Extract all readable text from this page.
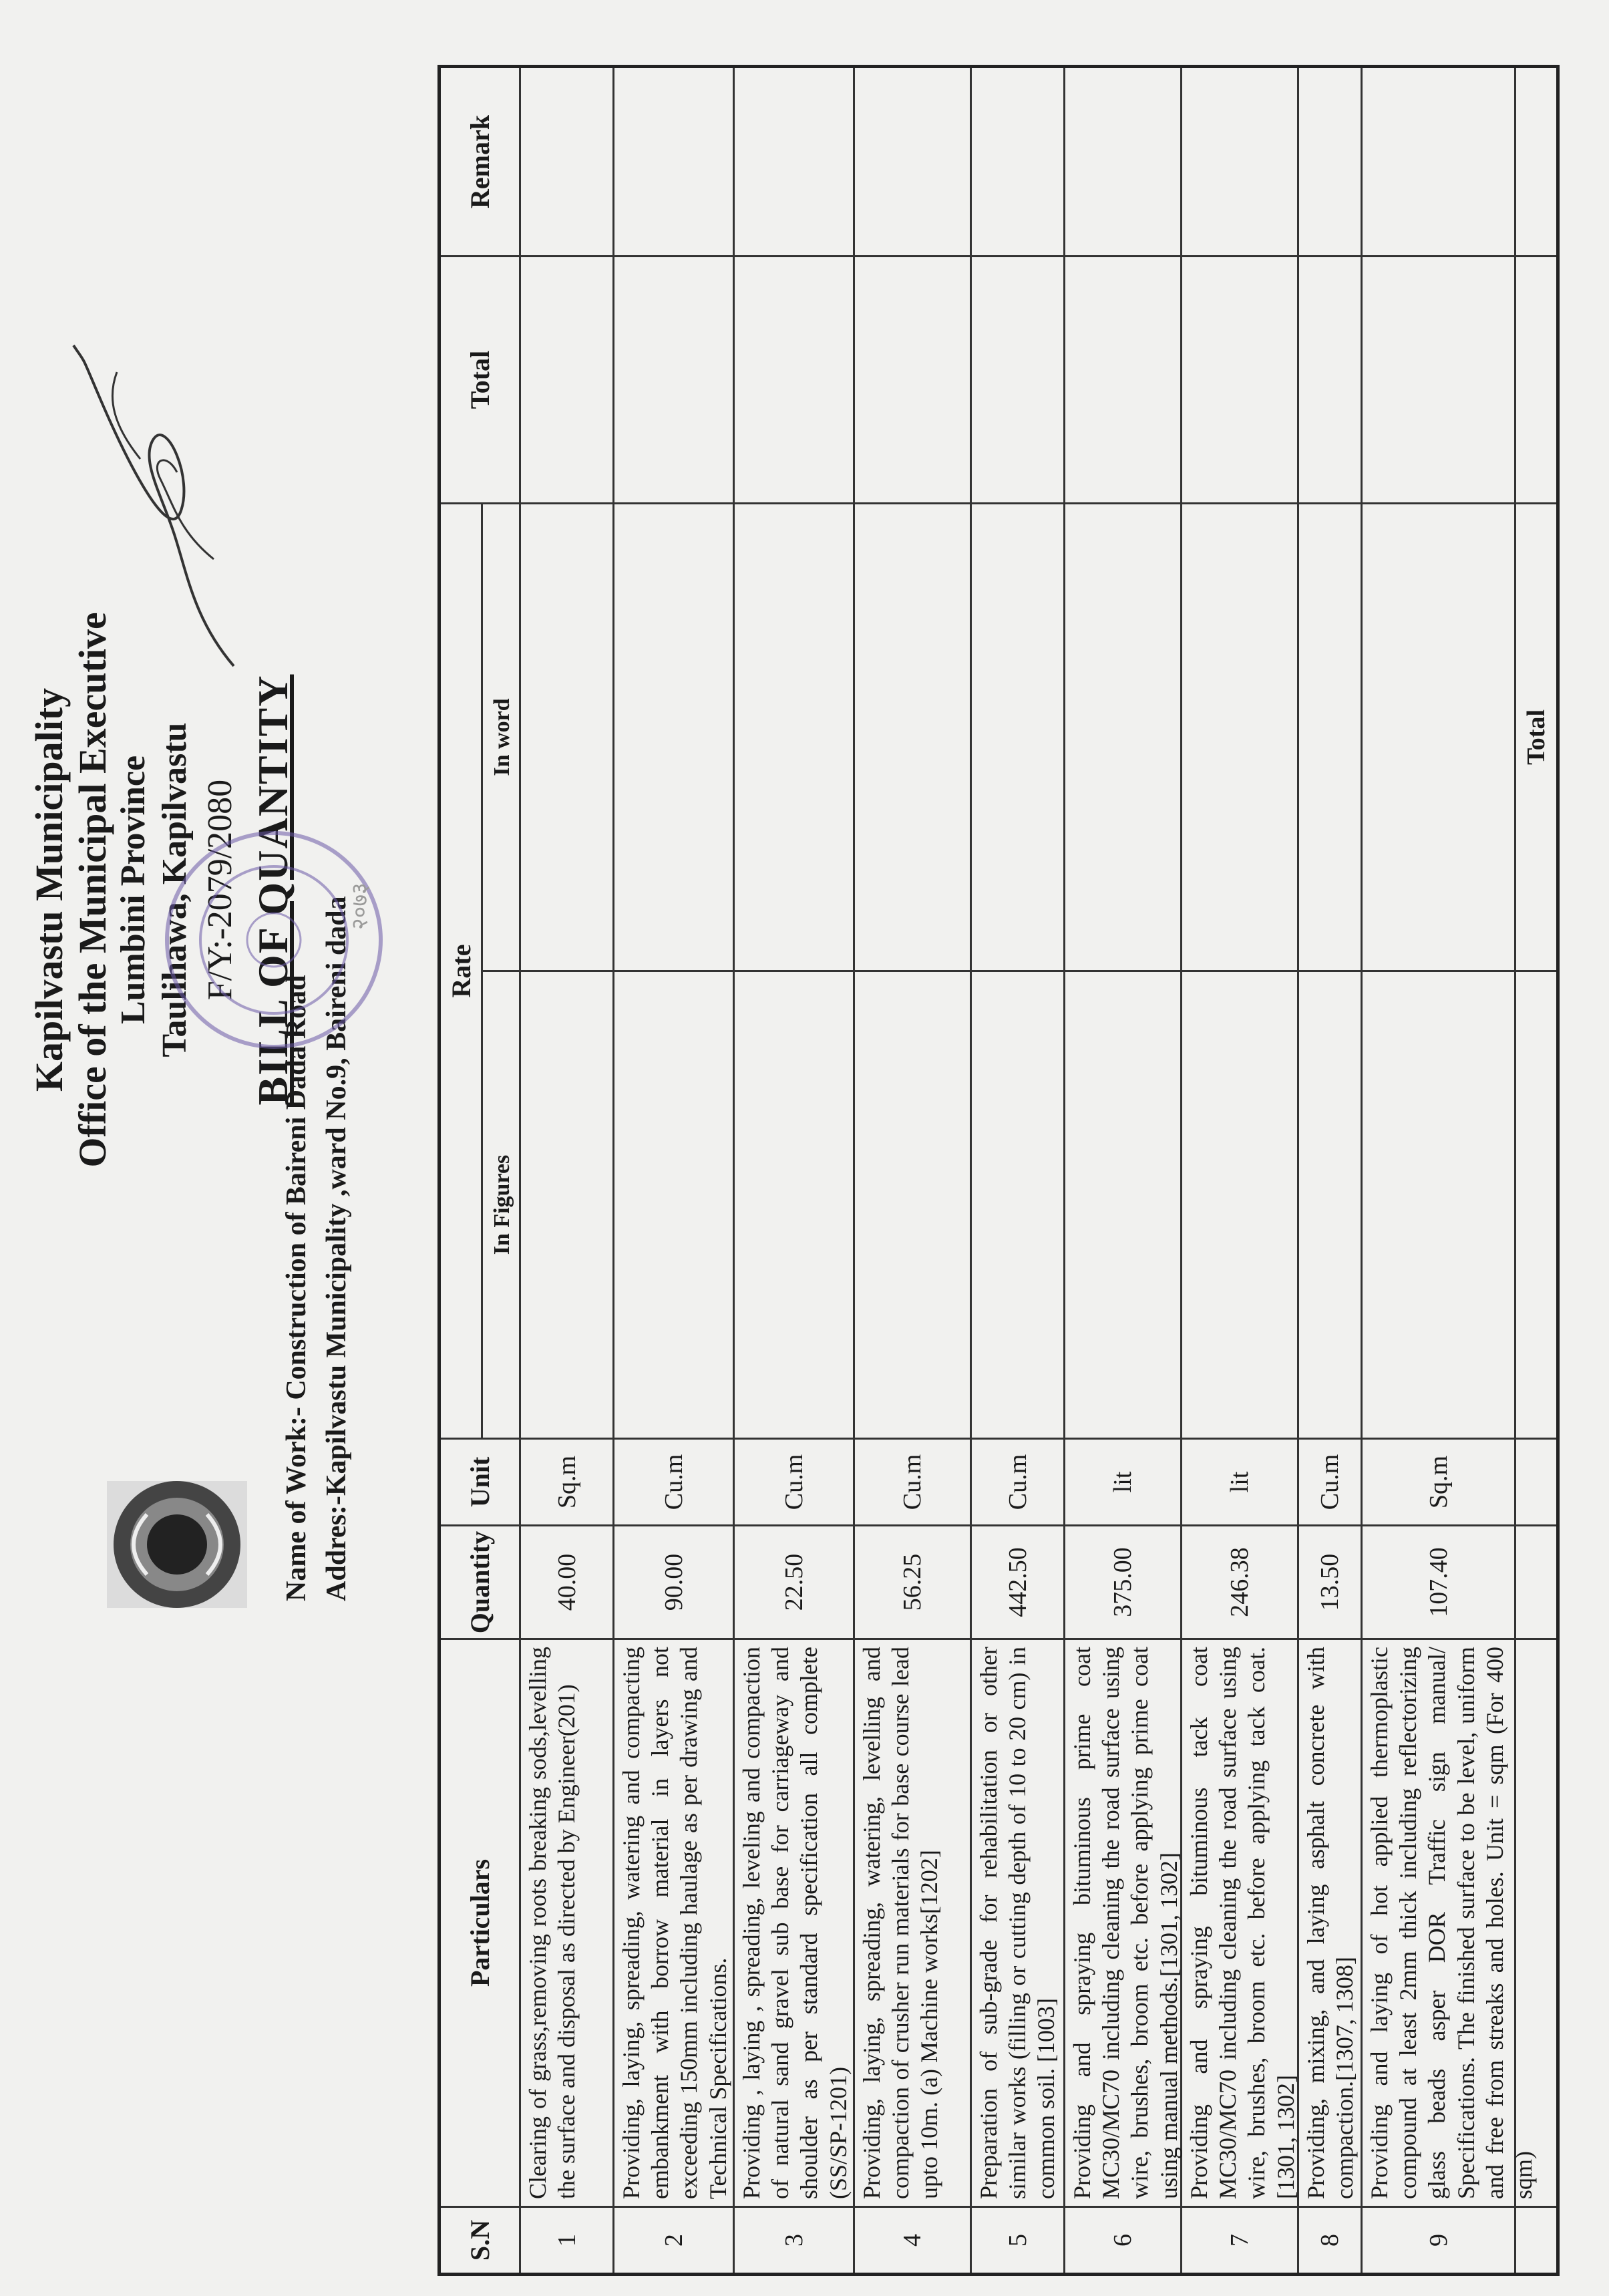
Kapilvastu Municipality Office of the Municipal Executive Lumbini Province Taulihawa, Kapilvastu F/Y:-2079/2080 BILL OF QUANTITY
Name of Work:- Construction of Baireni Dada Road Addres:-Kapilvastu Municipality ,ward No.9, Baireni dada
२०७३
S.N
Particulars
Quantity
Unit
Rate
Total
Remark
In Figures
In word
1
Clearing of grass,removing roots breaking sods,levelling the surface and disposal as directed by Engineer(201)
40.00
Sq.m
2
Providing, laying, spreading, watering and compacting embankment with borrow material in layers not exceeding 150mm including haulage as per drawing and Technical Specifications.
90.00
Cu.m
3
Providing , laying , spreading, leveling and compaction of natural sand gravel sub base for carriageway and shoulder as per standard specification all complete (SS/SP-1201)
22.50
Cu.m
4
Providing, laying, spreading, watering, levelling and compaction of crusher run materials for base course lead upto 10m. (a) Machine works[1202]
56.25
Cu.m
5
Preparation of sub-grade for rehabilitation or other similar works (filling or cutting depth of 10 to 20 cm) in common soil. [1003]
442.50
Cu.m
6
Providing and spraying bituminous prime coat MC30/MC70 including cleaning the road surface using wire, brushes, broom etc. before applying prime coat using manual methods.[1301, 1302]
375.00
lit
7
Providing and spraying bituminous tack coat MC30/MC70 including cleaning the road surface using wire, brushes, broom etc. before applying tack coat.[1301, 1302]
246.38
lit
8
Providing, mixing, and laying asphalt concrete with compaction.[1307, 1308]
13.50
Cu.m
9
Providing and laying of hot applied thermoplastic compound at least 2mm thick including reflectorizing glass beads asper DOR Traffic sign manual/ Specifications. The finished surface to be level, uniform and free from streaks and holes. Unit = sqm (For 400 sqm)
107.40
Sq.m
Total
